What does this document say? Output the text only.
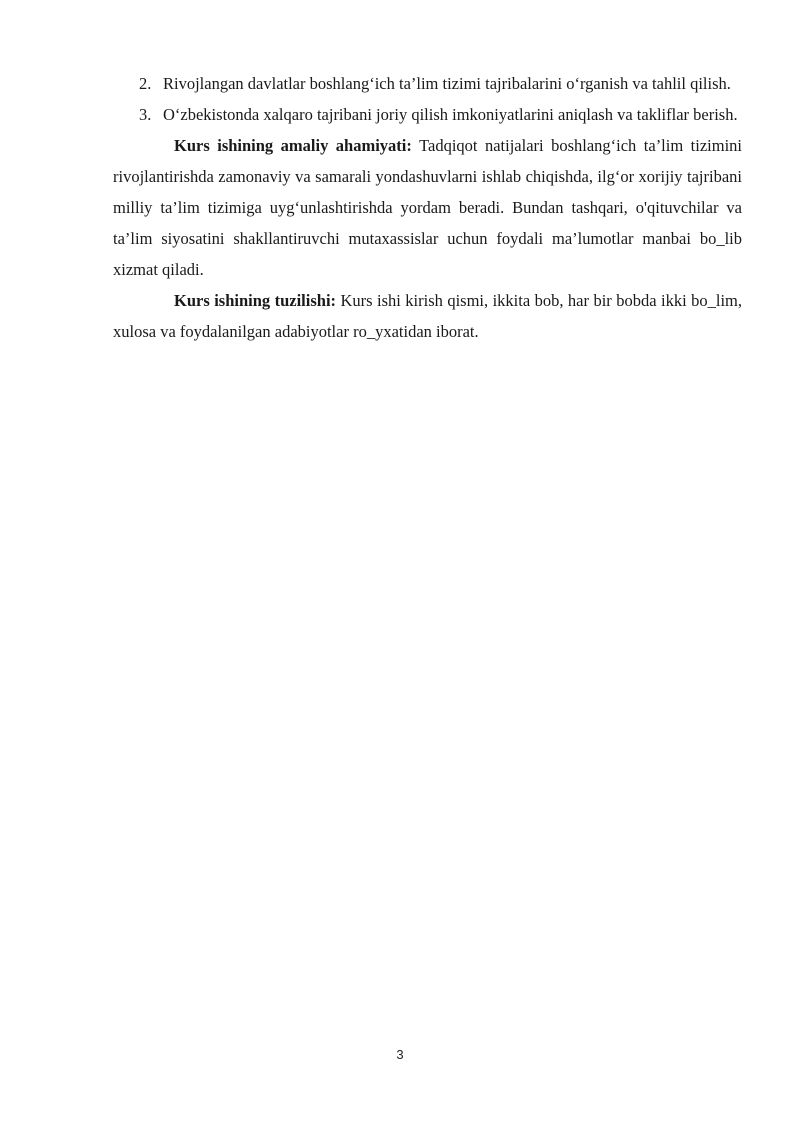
2. Rivojlangan davlatlar boshlang‘ich ta’lim tizimi tajribalarini o‘rganish va tahlil qilish.
3. O‘zbekistonda xalqaro tajribani joriy qilish imkoniyatlarini aniqlash va takliflar berish.

Kurs ishining amaliy ahamiyati: Tadqiqot natijalari boshlang‘ich ta’lim tizimini rivojlantirishda zamonaviy va samarali yondashuvlarni ishlab chiqishda, ilg‘or xorijiy tajribani milliy ta’lim tizimiga uyg‘unlashtirishda yordam beradi. Bundan tashqari, o'qituvchilar va ta’lim siyosatini shakllantiruvchi mutaxassislar uchun foydali ma’lumotlar manbai bo_lib xizmat qiladi.

Kurs ishining tuzilishi: Kurs ishi kirish qismi, ikkita bob, har bir bobda ikki bo_lim, xulosa va foydalanilgan adabiyotlar ro_yxatidan iborat.

3
